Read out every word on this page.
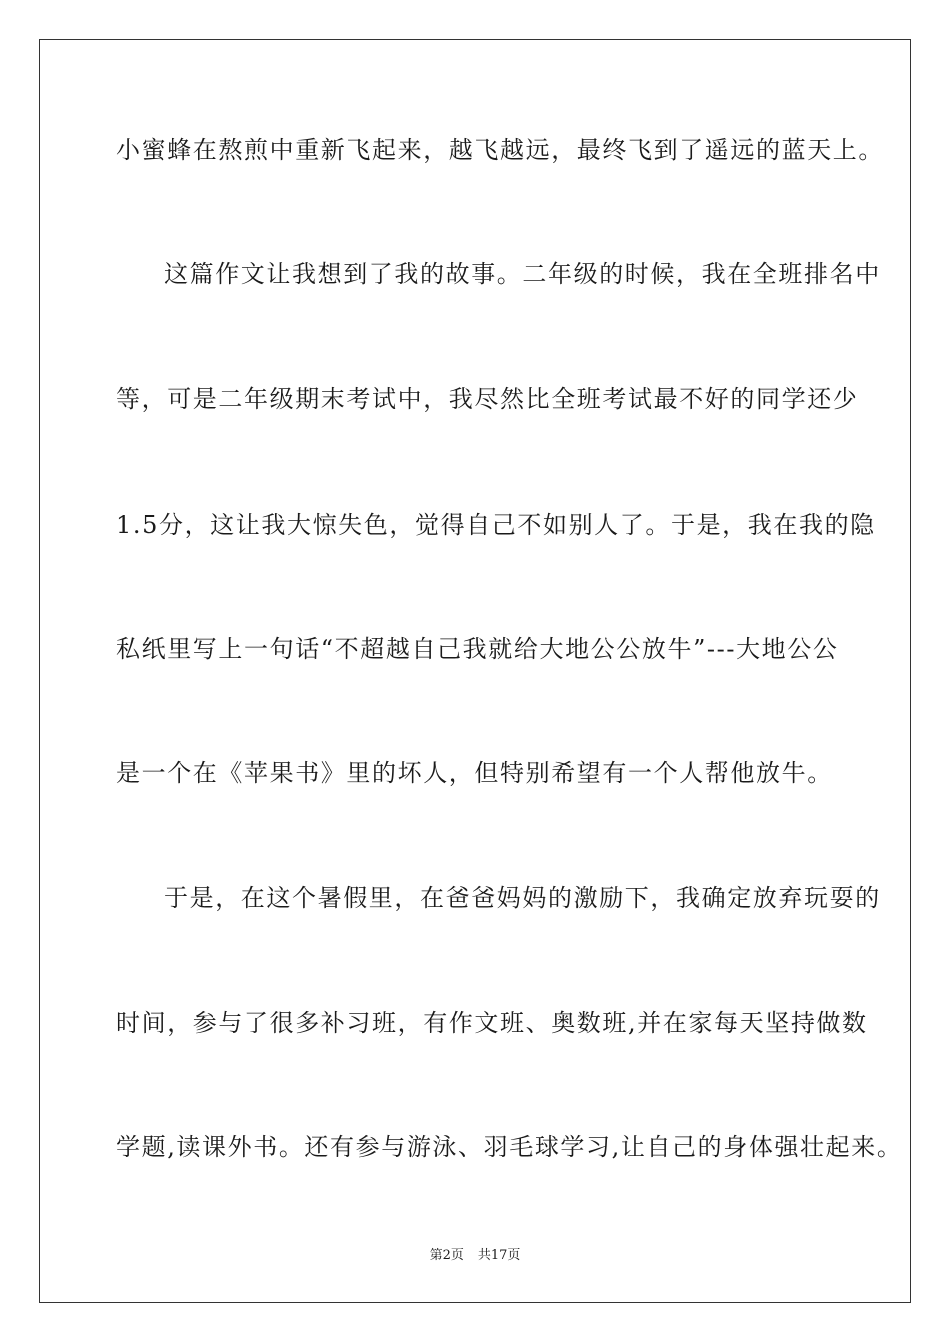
小蜜蜂在熬煎中重新飞起来，越飞越远，最终飞到了遥远的蓝天上。
这篇作文让我想到了我的故事。二年级的时候，我在全班排名中
等，可是二年级期末考试中，我尽然比全班考试最不好的同学还少
1.5分，这让我大惊失色，觉得自己不如别人了。于是，我在我的隐
私纸里写上一句话“不超越自己我就给大地公公放牛”---大地公公
是一个在《苹果书》里的坏人，但特别希望有一个人帮他放牛。
于是，在这个暑假里，在爸爸妈妈的激励下，我确定放弃玩耍的
时间，参与了很多补习班，有作文班、奥数班,并在家每天坚持做数
学题,读课外书。还有参与游泳、羽毛球学习,让自己的身体强壮起来。
第2页 共17页
